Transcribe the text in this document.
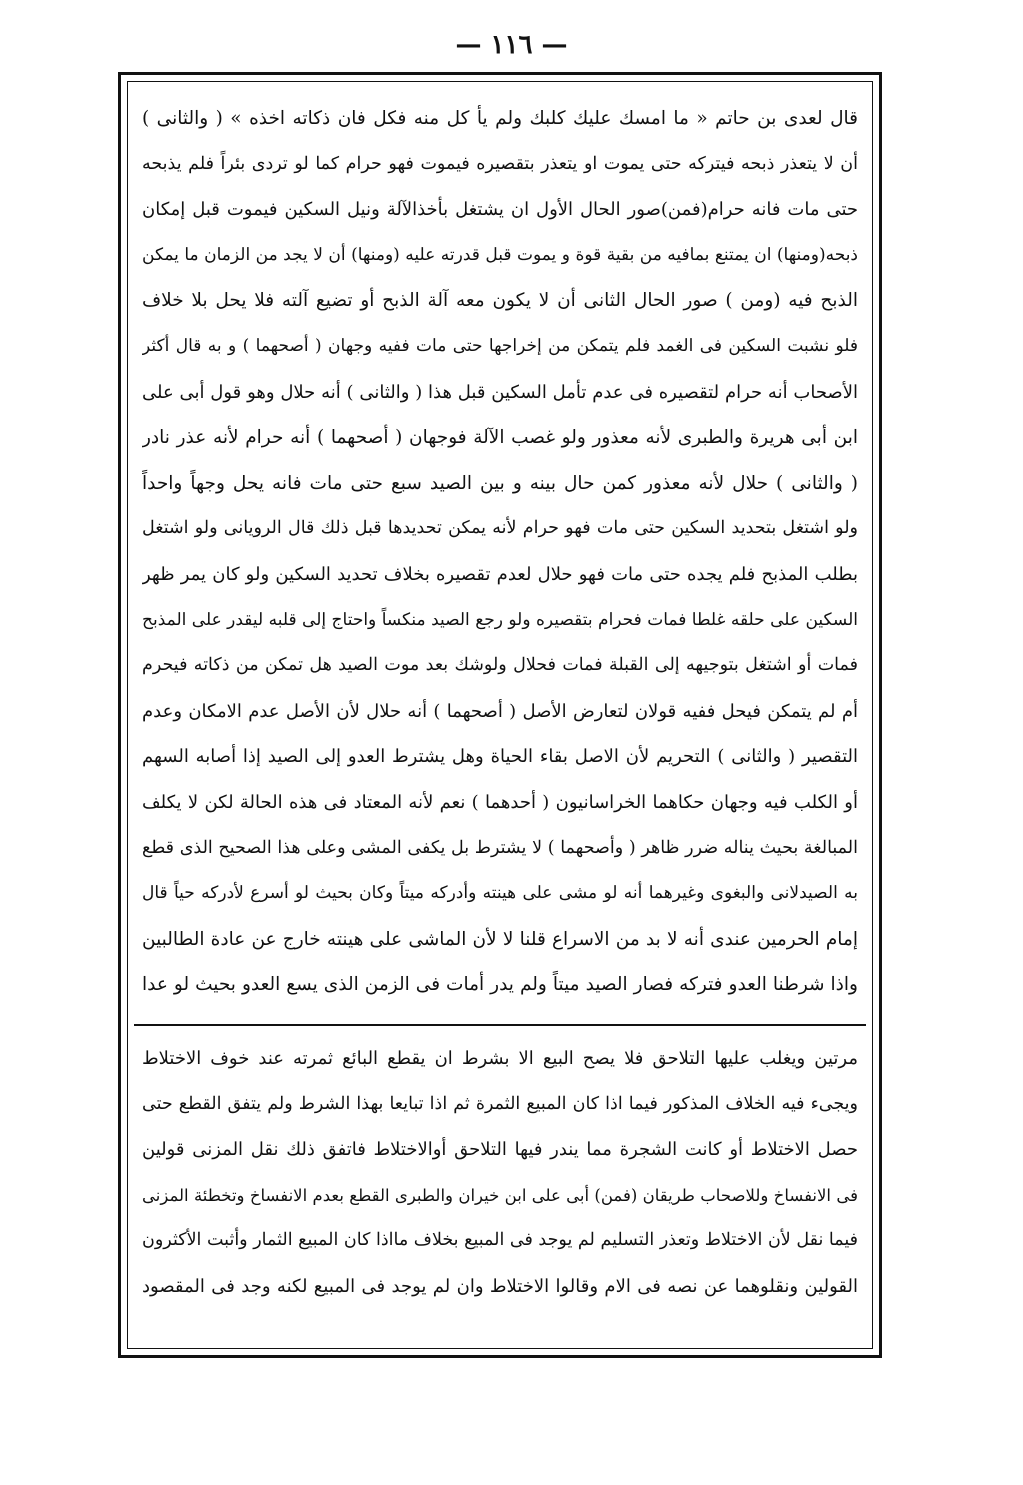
— ١١٦ —
قال لعدى بن حاتم « ما امسك عليك كلبك ولم يأ كل منه فكل فان ذكاته اخذه » ( والثانى )
أن لا يتعذر ذبحه فيتركه حتى يموت او يتعذر بتقصيره فيموت فهو حرام كما لو تردى بئراً فلم يذبحه
حتى مات فانه حرام(فمن)صور الحال الأول ان يشتغل بأخذالآلة ونيل السكين فيموت قبل إمكان
ذبحه(ومنها) ان يمتنع بمافيه من بقية قوة و يموت قبل قدرته عليه (ومنها) أن لا يجد من الزمان ما يمكن
الذبح فيه (ومن ) صور الحال الثانى أن لا يكون معه آلة الذبح أو تضيع آلته فلا يحل بلا خلاف
فلو نشبت السكين فى الغمد فلم يتمكن من إخراجها حتى مات ففيه وجهان ( أصحهما ) و به قال أكثر
الأصحاب أنه حرام لتقصيره فى عدم تأمل السكين قبل هذا ( والثانى ) أنه حلال وهو قول أبى على
ابن أبى هريرة والطبرى لأنه معذور ولو غصب الآلة فوجهان ( أصحهما ) أنه حرام لأنه عذر نادر
( والثانى ) حلال لأنه معذور كمن حال بينه و بين الصيد سبع حتى مات فانه يحل وجهاً واحداً
ولو اشتغل بتحديد السكين حتى مات فهو حرام لأنه يمكن تحديدها قبل ذلك قال الرويانى ولو اشتغل
بطلب المذبح فلم يجده حتى مات فهو حلال لعدم تقصيره بخلاف تحديد السكين ولو كان يمر ظهر
السكين على حلقه غلطا فمات فحرام بتقصيره ولو رجع الصيد منكساً واحتاج إلى قلبه ليقدر على المذبح
فمات أو اشتغل بتوجيهه إلى القبلة فمات فحلال ولوشك بعد موت الصيد هل تمكن من ذكاته فيحرم
أم لم يتمكن فيحل ففيه قولان لتعارض الأصل ( أصحهما ) أنه حلال لأن الأصل عدم الامكان وعدم
التقصير ( والثانى ) التحريم لأن الاصل بقاء الحياة وهل يشترط العدو إلى الصيد إذا أصابه السهم
أو الكلب فيه وجهان حكاهما الخراسانيون ( أحدهما ) نعم لأنه المعتاد فى هذه الحالة لكن لا يكلف
المبالغة بحيث يناله ضرر ظاهر ( وأصحهما ) لا يشترط بل يكفى المشى وعلى هذا الصحيح الذى قطع
به الصيدلانى والبغوى وغيرهما أنه لو مشى على هينته وأدركه ميتاً وكان بحيث لو أسرع لأدركه حياً قال
إمام الحرمين عندى أنه لا بد من الاسراع قلنا لا لأن الماشى على هينته خارج عن عادة الطالبين
واذا شرطنا العدو فتركه فصار الصيد ميتاً ولم يدر أمات فى الزمن الذى يسع العدو بحيث لو عدا
مرتين ويغلب عليها التلاحق فلا يصح البيع الا بشرط ان يقطع البائع ثمرته عند خوف الاختلاط
ويجىء فيه الخلاف المذكور فيما اذا كان المبيع الثمرة ثم اذا تبايعا بهذا الشرط ولم يتفق القطع حتى
حصل الاختلاط أو كانت الشجرة مما يندر فيها التلاحق أوالاختلاط فاتفق ذلك نقل المزنى قولين
فى الانفساخ وللاصحاب طريقان (فمن) أبى على ابن خيران والطبرى القطع بعدم الانفساخ وتخطئة المزنى
فيما نقل لأن الاختلاط وتعذر التسليم لم يوجد فى المبيع بخلاف مااذا كان المبيع الثمار وأثبت الأكثرون
القولين ونقلوهما عن نصه فى الام وقالوا الاختلاط وان لم يوجد فى المبيع لكنه وجد فى المقصود
